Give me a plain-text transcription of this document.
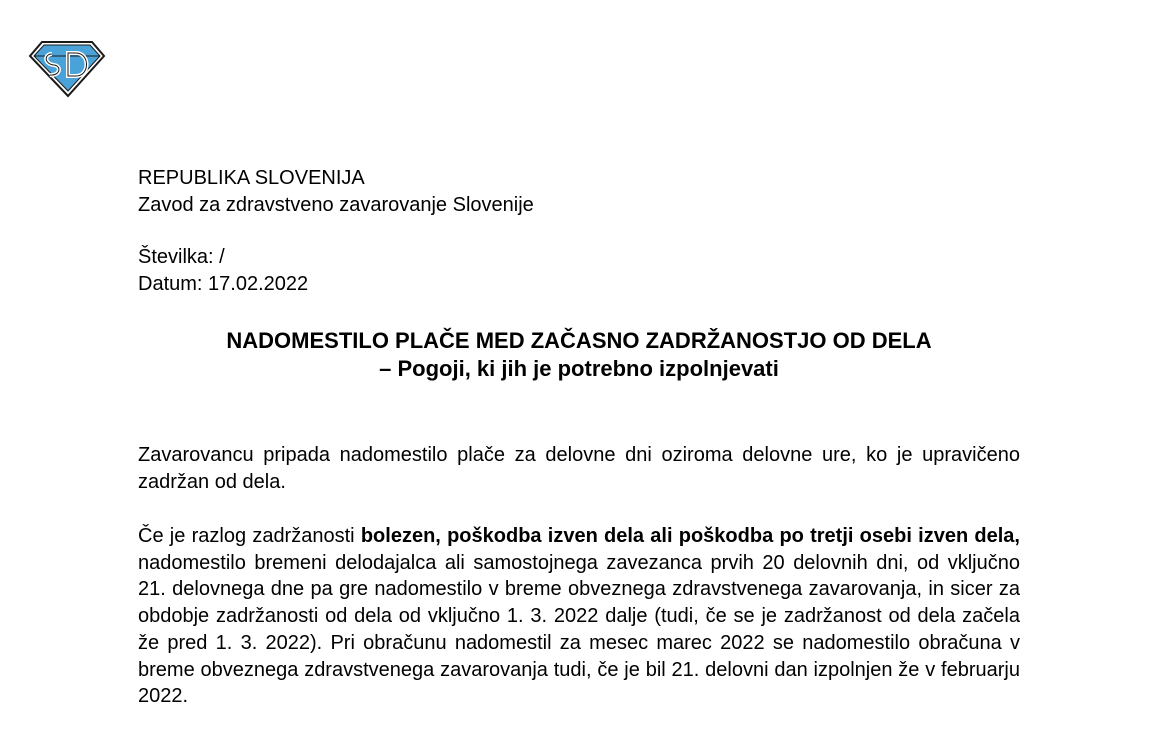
REPUBLIKA SLOVENIJA
Zavod za zdravstveno zavarovanje Slovenije
Številka: /
Datum: 17.02.2022
NADOMESTILO PLAČE MED ZAČASNO ZADRŽANOSTJO OD DELA
– Pogoji, ki jih je potrebno izpolnjevati
Zavarovancu pripada nadomestilo plače za delovne dni oziroma delovne ure, ko je upravičeno zadržan od dela.
Če je razlog zadržanosti bolezen, poškodba izven dela ali poškodba po tretji osebi izven dela, nadomestilo bremeni delodajalca ali samostojnega zavezanca prvih 20 delovnih dni, od vključno 21. delovnega dne pa gre nadomestilo v breme obveznega zdravstvenega zavarovanja, in sicer za obdobje zadržanosti od dela od vključno 1. 3. 2022 dalje (tudi, če se je zadržanost od dela začela že pred 1. 3. 2022). Pri obračunu nadomestil za mesec marec 2022 se nadomestilo obračuna v breme obveznega zdravstvenega zavarovanja tudi, če je bil 21. delovni dan izpolnjen že v februarju 2022.
